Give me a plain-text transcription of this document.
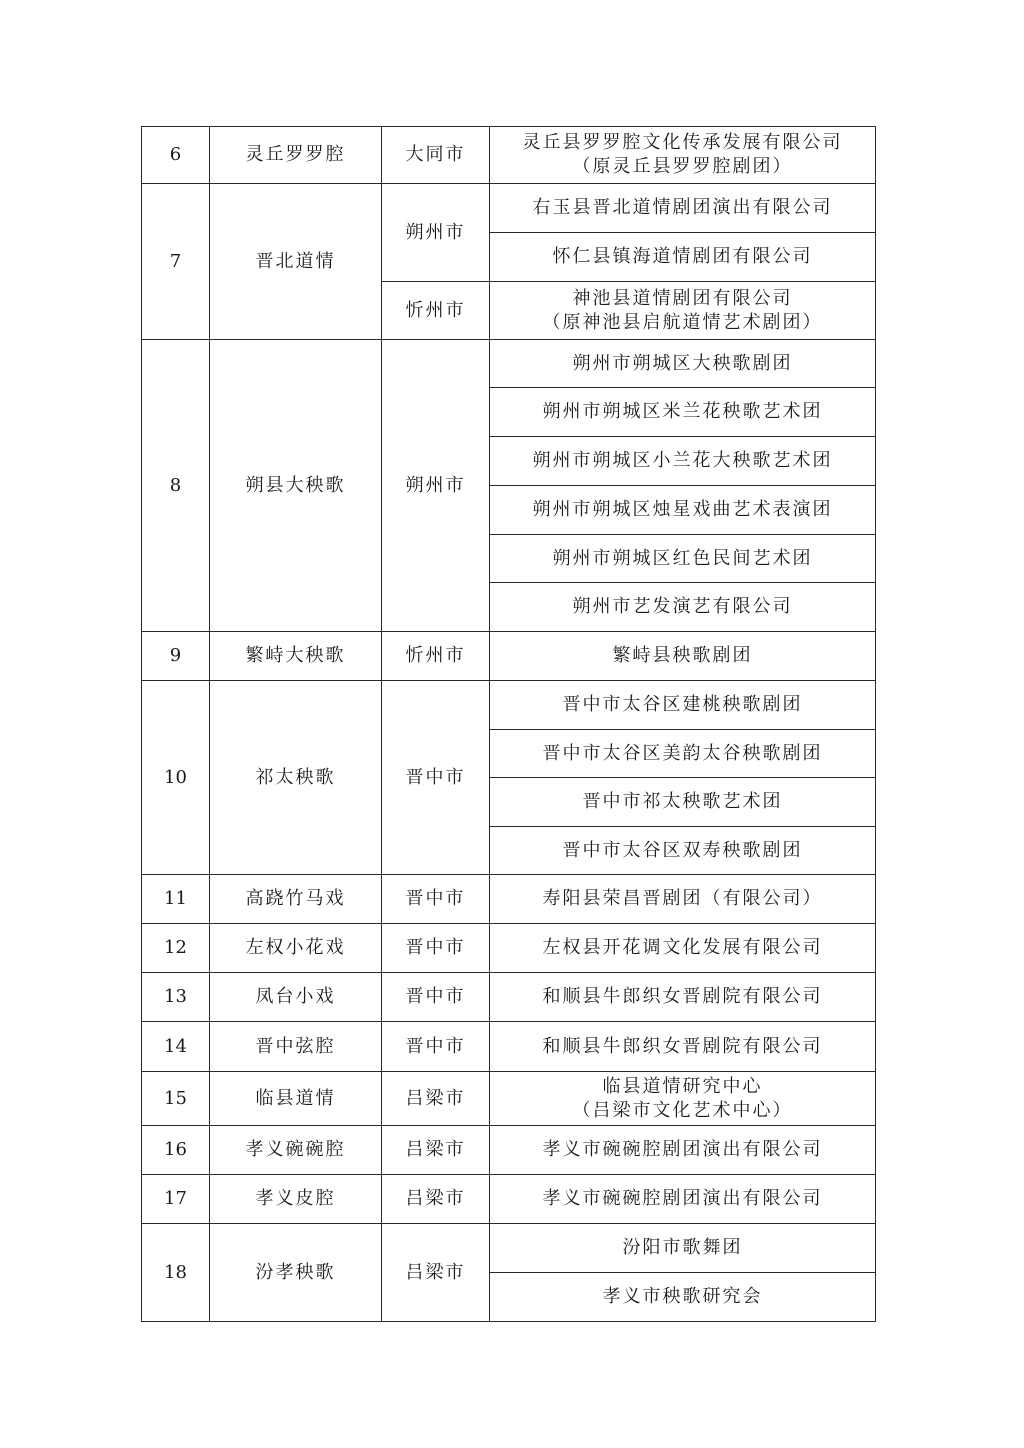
6	灵丘罗罗腔	大同市	灵丘县罗罗腔文化传承发展有限公司
（原灵丘县罗罗腔剧团）

7	晋北道情	朔州市	右玉县晋北道情剧团演出有限公司

			怀仁县镇海道情剧团有限公司

		忻州市	神池县道情剧团有限公司
（原神池县启航道情艺术剧团）

8	朔县大秧歌	朔州市	朔州市朔城区大秧歌剧团

			朔州市朔城区米兰花秧歌艺术团

			朔州市朔城区小兰花大秧歌艺术团

			朔州市朔城区烛星戏曲艺术表演团

			朔州市朔城区红色民间艺术团

			朔州市艺发演艺有限公司

9	繁峙大秧歌	忻州市	繁峙县秧歌剧团

10	祁太秧歌	晋中市	晋中市太谷区建桃秧歌剧团

			晋中市太谷区美韵太谷秧歌剧团

			晋中市祁太秧歌艺术团

			晋中市太谷区双寿秧歌剧团

11	高跷竹马戏	晋中市	寿阳县荣昌晋剧团（有限公司）

12	左权小花戏	晋中市	左权县开花调文化发展有限公司

13	凤台小戏	晋中市	和顺县牛郎织女晋剧院有限公司

14	晋中弦腔	晋中市	和顺县牛郎织女晋剧院有限公司

15	临县道情	吕梁市	临县道情研究中心
（吕梁市文化艺术中心）

16	孝义碗碗腔	吕梁市	孝义市碗碗腔剧团演出有限公司

17	孝义皮腔	吕梁市	孝义市碗碗腔剧团演出有限公司

18	汾孝秧歌	吕梁市	汾阳市歌舞团

			孝义市秧歌研究会
